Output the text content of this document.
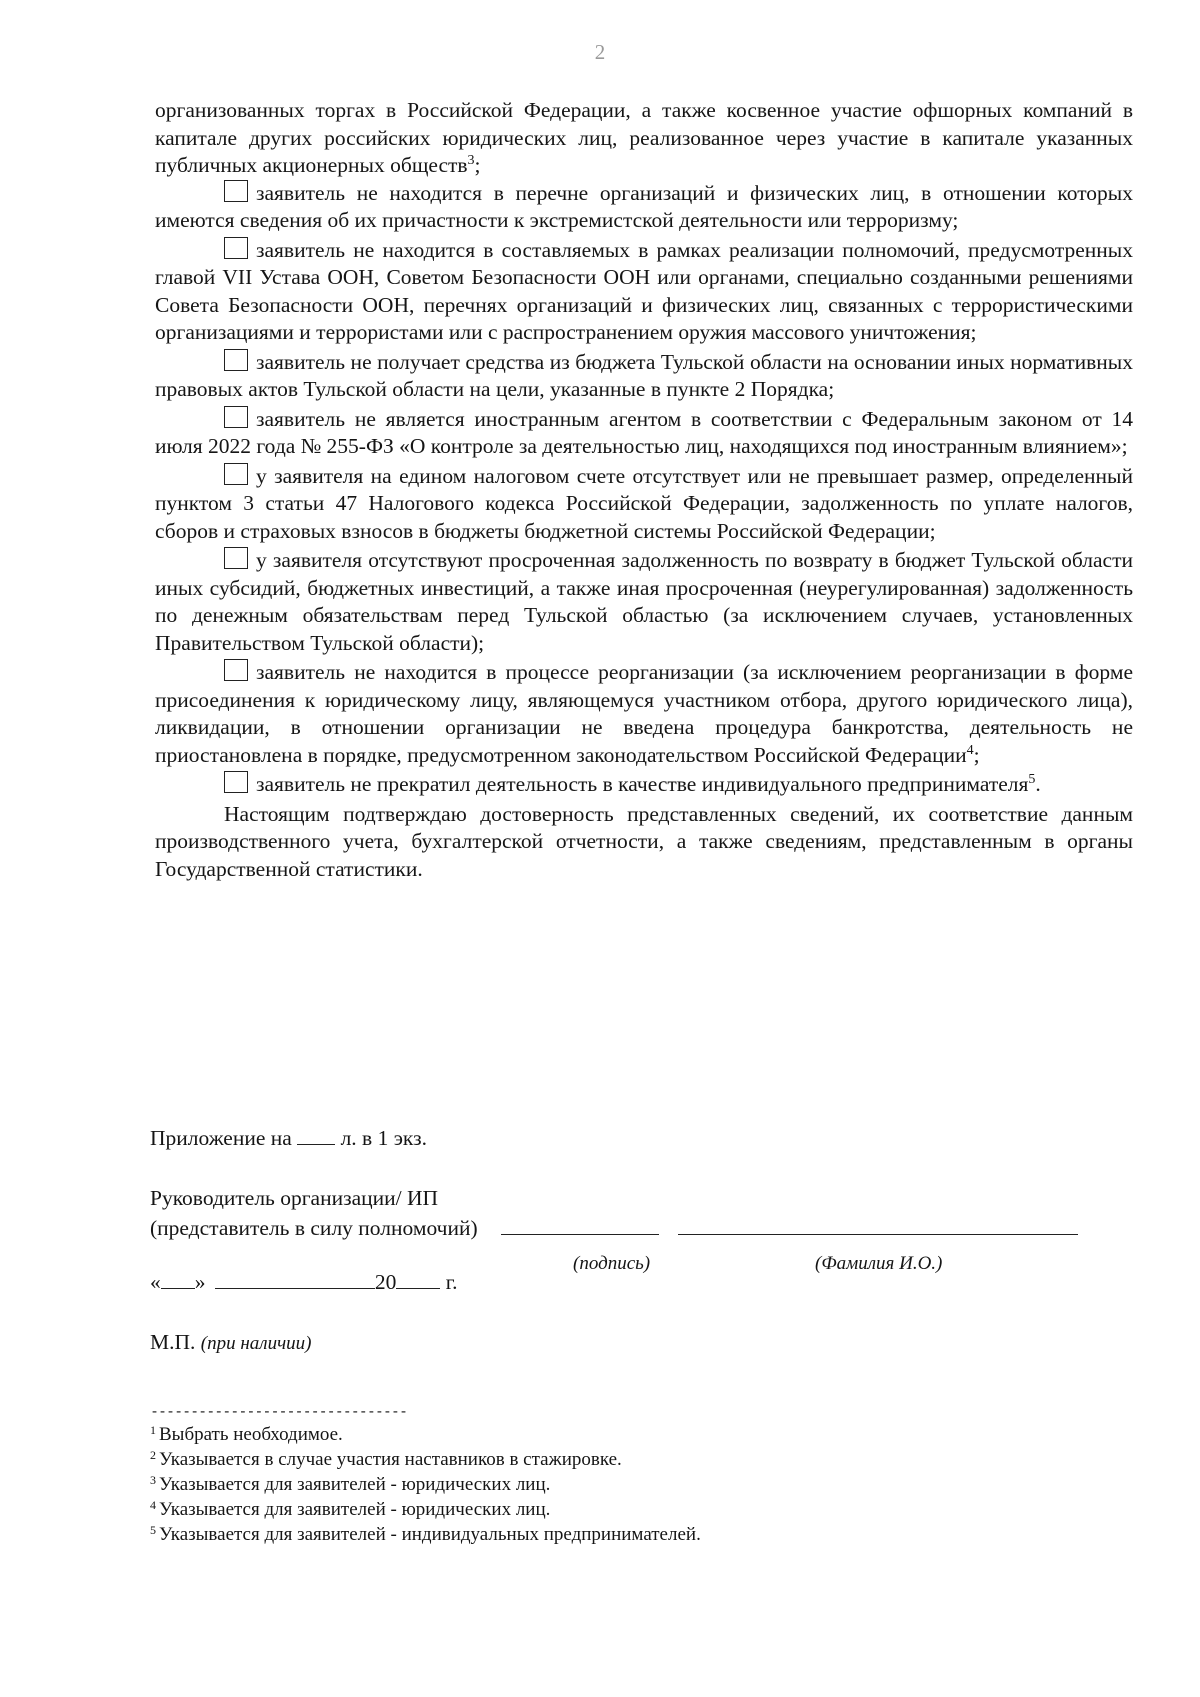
2

организованных торгах в Российской Федерации, а также косвенное участие офшорных компаний в капитале других российских юридических лиц, реализованное через участие в капитале указанных публичных акционерных обществ$^3$;

заявитель не находится в перечне организаций и физических лиц, в отношении которых имеются сведения об их причастности к экстремистской деятельности или терроризму;

заявитель не находится в составляемых в рамках реализации полномочий, предусмотренных главой VII Устава ООН, Советом Безопасности ООН или органами, специально созданными решениями Совета Безопасности ООН, перечнях организаций и физических лиц, связанных с террористическими организациями и террористами или с распространением оружия массового уничтожения;

заявитель не получает средства из бюджета Тульской области на основании иных нормативных правовых актов Тульской области на цели, указанные в пункте 2 Порядка;

заявитель не является иностранным агентом в соответствии с Федеральным законом от 14 июля 2022 года № 255-ФЗ «О контроле за деятельностью лиц, находящихся под иностранным влиянием»;

у заявителя на едином налоговом счете отсутствует или не превышает размер, определенный пунктом 3 статьи 47 Налогового кодекса Российской Федерации, задолженность по уплате налогов, сборов и страховых взносов в бюджеты бюджетной системы Российской Федерации;

у заявителя отсутствуют просроченная задолженность по возврату в бюджет Тульской области иных субсидий, бюджетных инвестиций, а также иная просроченная (неурегулированная) задолженность по денежным обязательствам перед Тульской областью (за исключением случаев, установленных Правительством Тульской области);

заявитель не находится в процессе реорганизации (за исключением реорганизации в форме присоединения к юридическому лицу, являющемуся участником отбора, другого юридического лица), ликвидации, в отношении организации не введена процедура банкротства, деятельность не приостановлена в порядке, предусмотренном законодательством Российской Федерации$^4$;

заявитель не прекратил деятельность в качестве индивидуального предпринимателя$^5$.

Настоящим подтверждаю достоверность представленных сведений, их соответствие данным производственного учета, бухгалтерской отчетности, а также сведениям, представленным в органы Государственной статистики.

Приложение на л. в 1 экз.
Руководитель организации/ ИП
(представитель в силу полномочий)
(подпись)	(Фамилия И.О.)
« »	20 г.
М.П. (при наличии)
--------------------------------
$^1$ Выбрать необходимое.
$^2$ Указывается в случае участия наставников в стажировке.
$^3$ Указывается для заявителей - юридических лиц.
$^4$ Указывается для заявителей - юридических лиц.
$^5$ Указывается для заявителей - индивидуальных предпринимателей.
